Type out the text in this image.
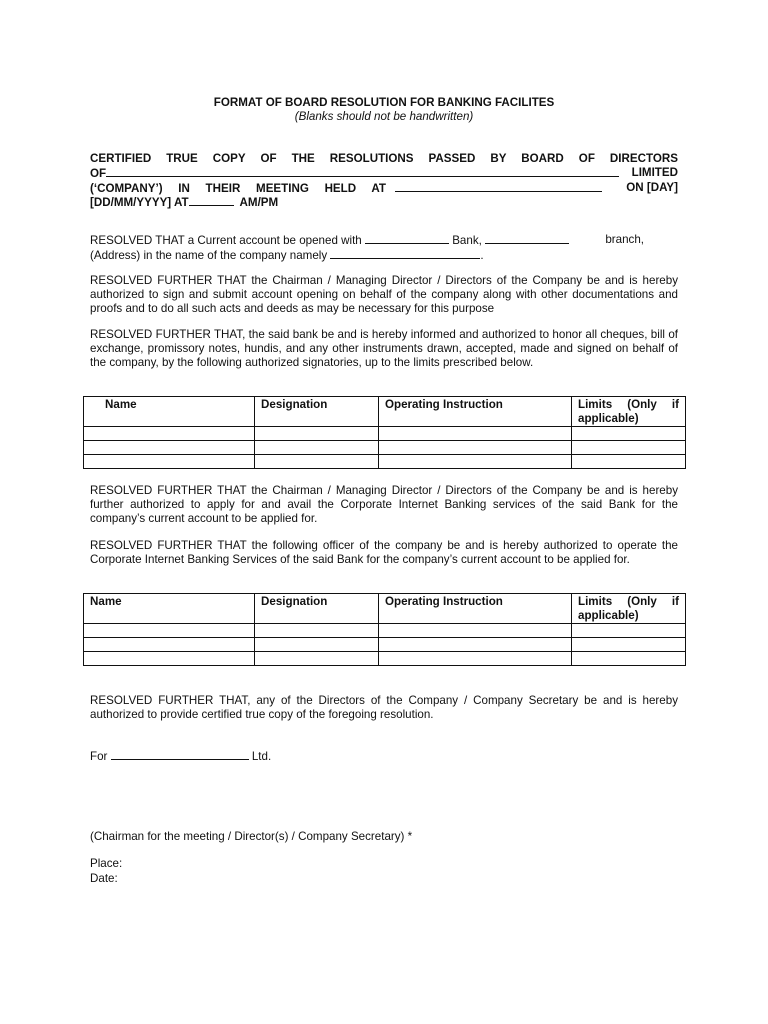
FORMAT OF BOARD RESOLUTION FOR BANKING FACILITES
(Blanks should not be handwritten)
CERTIFIED TRUE COPY OF THE RESOLUTIONS PASSED BY BOARD OF DIRECTORS
OF	LIMITED
(‘COMPANY’) IN THEIR MEETING HELD AT	ON [DAY]
[DD/MM/YYYY] AT	AM/PM
RESOLVED THAT a Current account be opened with	Bank,	branch,
(Address) in the name of the company namely	.

RESOLVED FURTHER THAT the Chairman / Managing Director / Directors of the Company be and is hereby authorized to sign and submit account opening on behalf of the company along with other documentations and proofs and to do all such acts and deeds as may be necessary for this purpose

RESOLVED FURTHER THAT, the said bank be and is hereby informed and authorized to honor all cheques, bill of exchange, promissory notes, hundis, and any other instruments drawn, accepted, made and signed on behalf of the company, by the following authorized signatories, up to the limits prescribed below.

Name	Designation	Operating Instruction	Limits (Only if applicable)

RESOLVED FURTHER THAT the Chairman / Managing Director / Directors of the Company be and is hereby further authorized to apply for and avail the Corporate Internet Banking services of the said Bank for the company’s current account to be applied for.

RESOLVED FURTHER THAT the following officer of the company be and is hereby authorized to operate the Corporate Internet Banking Services of the said Bank for the company’s current account to be applied for.

Name	Designation	Operating Instruction	Limits (Only if applicable)

RESOLVED FURTHER THAT, any of the Directors of the Company / Company Secretary be and is hereby authorized to provide certified true copy of the foregoing resolution.

For	Ltd.
(Chairman for the meeting / Director(s) / Company Secretary) *
Place:
Date:
